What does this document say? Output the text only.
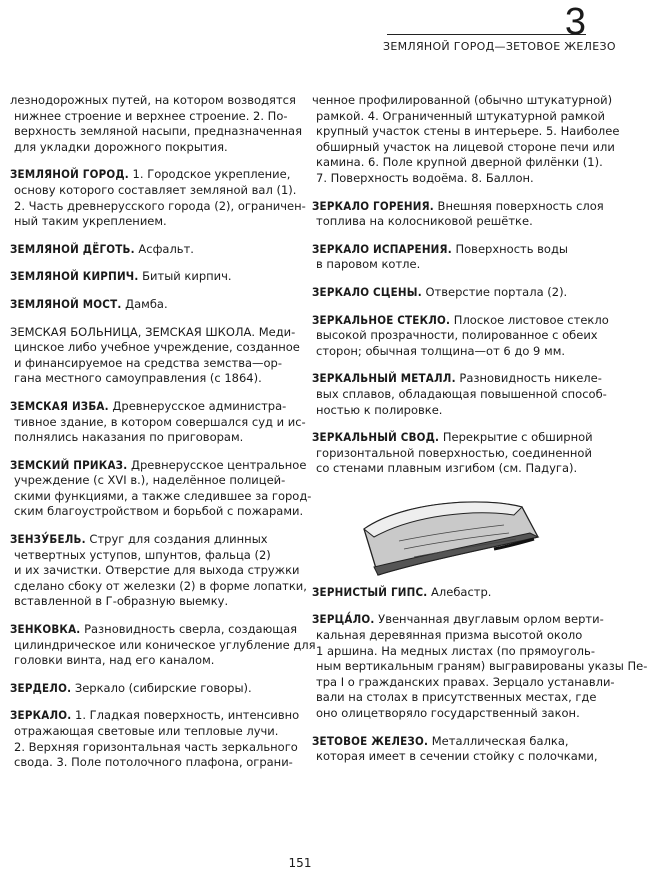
3
ЗЕМЛЯНОЙ ГОРОД—ЗЕТОВОЕ ЖЕЛЕЗО
лезнодорожных путей, на котором возводятся
нижнее строение и верхнее строение. 2. По-
верхность земляной насыпи, предназначенная
для укладки дорожного покрытия.
ЗЕМЛЯНОЙ ГОРОД. 1. Городское укрепление,
основу которого составляет земляной вал (1).
2. Часть древнерусского города (2), ограничен-
ный таким укреплением.
ЗЕМЛЯНОЙ ДЁГОТЬ. Асфальт.
ЗЕМЛЯНОЙ КИРПИЧ. Битый кирпич.
ЗЕМЛЯНОЙ МОСТ. Дамба.
ЗЕМСКАЯ БОЛЬНИЦА, ЗЕМСКАЯ ШКОЛА. Меди-
цинское либо учебное учреждение, созданное
и финансируемое на средства земства—ор-
гана местного самоуправления (с 1864).
ЗЕМСКАЯ ИЗБА. Древнерусское администра-
тивное здание, в котором совершался суд и ис-
полнялись наказания по приговорам.
ЗЕМСКИЙ ПРИКАЗ. Древнерусское центральное
учреждение (с XVI в.), наделённое полицей-
скими функциями, а также следившее за город-
ским благоустройством и борьбой с пожарами.
ЗЕНЗУ́БЕЛЬ. Струг для создания длинных
четвертных уступов, шпунтов, фальца (2)
и их зачистки. Отверстие для выхода стружки
сделано сбоку от железки (2) в форме лопатки,
вставленной в Г-образную выемку.
ЗЕНКОВКА. Разновидность сверла, создающая
цилиндрическое или коническое углубление для
головки винта, над его каналом.
ЗЕРДЕЛО. Зеркало (сибирские говоры).
ЗЕРКАЛО. 1. Гладкая поверхность, интенсивно
отражающая световые или тепловые лучи.
2. Верхняя горизонтальная часть зеркального
свода. 3. Поле потолочного плафона, ограни-
ченное профилированной (обычно штукатурной)
рамкой. 4. Ограниченный штукатурной рамкой
крупный участок стены в интерьере. 5. Наиболее
обширный участок на лицевой стороне печи или
камина. 6. Поле крупной дверной филёнки (1).
7. Поверхность водоёма. 8. Баллон.
ЗЕРКАЛО ГОРЕНИЯ. Внешняя поверхность слоя
топлива на колосниковой решётке.
ЗЕРКАЛО ИСПАРЕНИЯ. Поверхность воды
в паровом котле.
ЗЕРКАЛО СЦЕНЫ. Отверстие портала (2).
ЗЕРКАЛЬНОЕ СТЕКЛО. Плоское листовое стекло
высокой прозрачности, полированное с обеих
сторон; обычная толщина—от 6 до 9 мм.
ЗЕРКАЛЬНЫЙ МЕТАЛЛ. Разновидность никеле-
вых сплавов, обладающая повышенной способ-
ностью к полировке.
ЗЕРКАЛЬНЫЙ СВОД. Перекрытие с обширной
горизонтальной поверхностью, соединенной
со стенами плавным изгибом (см. Падуга).
ЗЕРНИСТЫЙ ГИПС. Алебастр.
ЗЕРЦА́ЛО. Увенчанная двуглавым орлом верти-
кальная деревянная призма высотой около
1 аршина. На медных листах (по прямоуголь-
ным вертикальным граням) выгравированы указы Пе-
тра I о гражданских правах. Зерцало устанавли-
вали на столах в присутственных местах, где
оно олицетворяло государственный закон.
ЗЕТОВОЕ ЖЕЛЕЗО. Металлическая балка,
которая имеет в сечении стойку с полочками,
151
